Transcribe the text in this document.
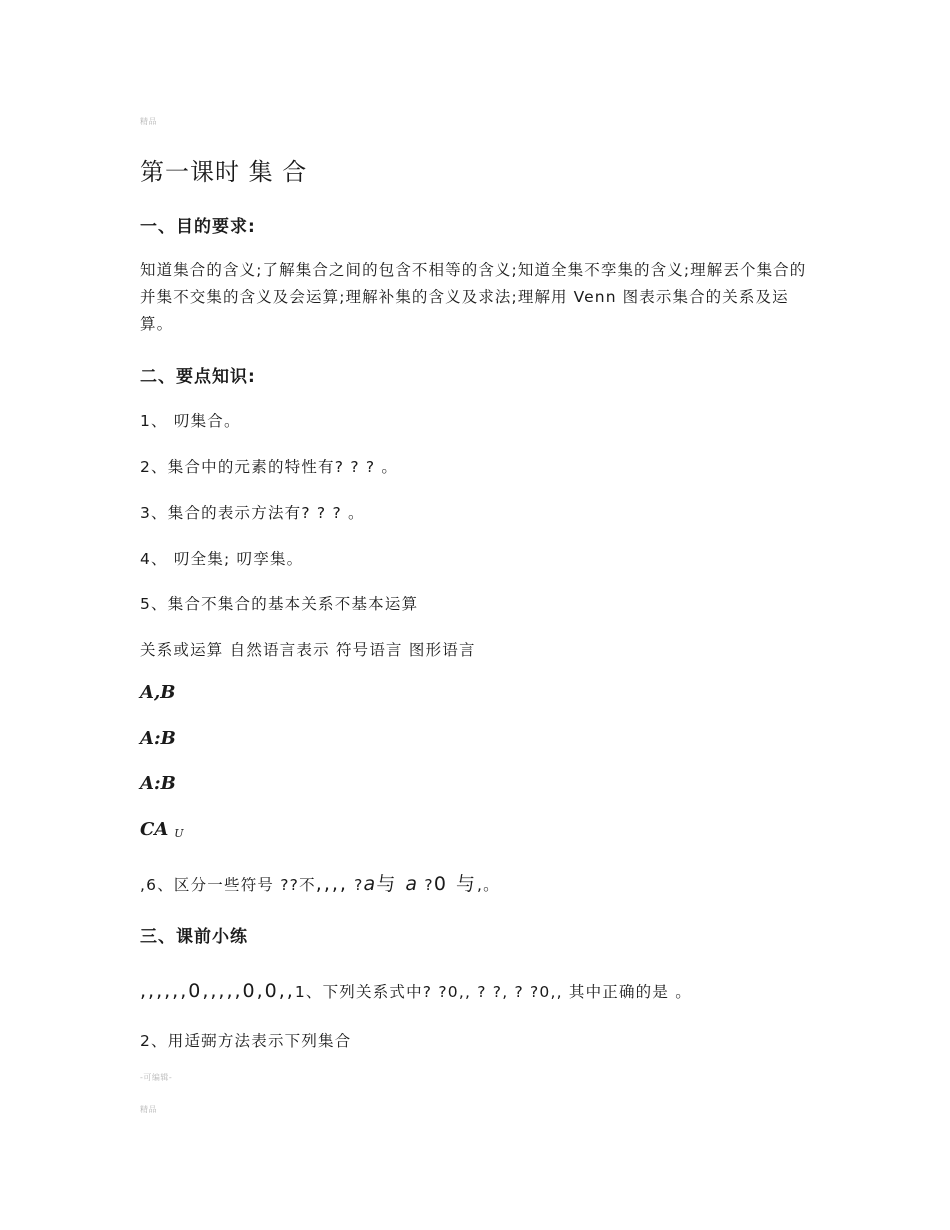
精品
第一课时 集 合
一、目的要求:
知道集合的含义;了解集合之间的包含不相等的含义;知道全集不孪集的含义;理解丟个集合的并集不交集的含义及会运算;理解补集的含义及求法;理解用 Venn 图表示集合的关系及运算。
二、要点知识:
1、 叨集合。
2、集合中的元素的特性有? ? ? 。
3、集合的表示方法有? ? ? 。
4、 叨全集; 叨孪集。
5、集合不集合的基本关系不基本运算
关系或运算 自然语言表示 符号语言 图形语言
A,B
A:B
A:B
CA U
,6、区分一些符号 ??不,,,, ?a与 a ?0 与,。
三、课前小练
,,,,,,0,,,,,0,0,,1、下列关系式中? ?0,, ? ?, ? ?0,, 其中正确的是 。
2、用适弼方法表示下列集合
-可编辑-
精品
